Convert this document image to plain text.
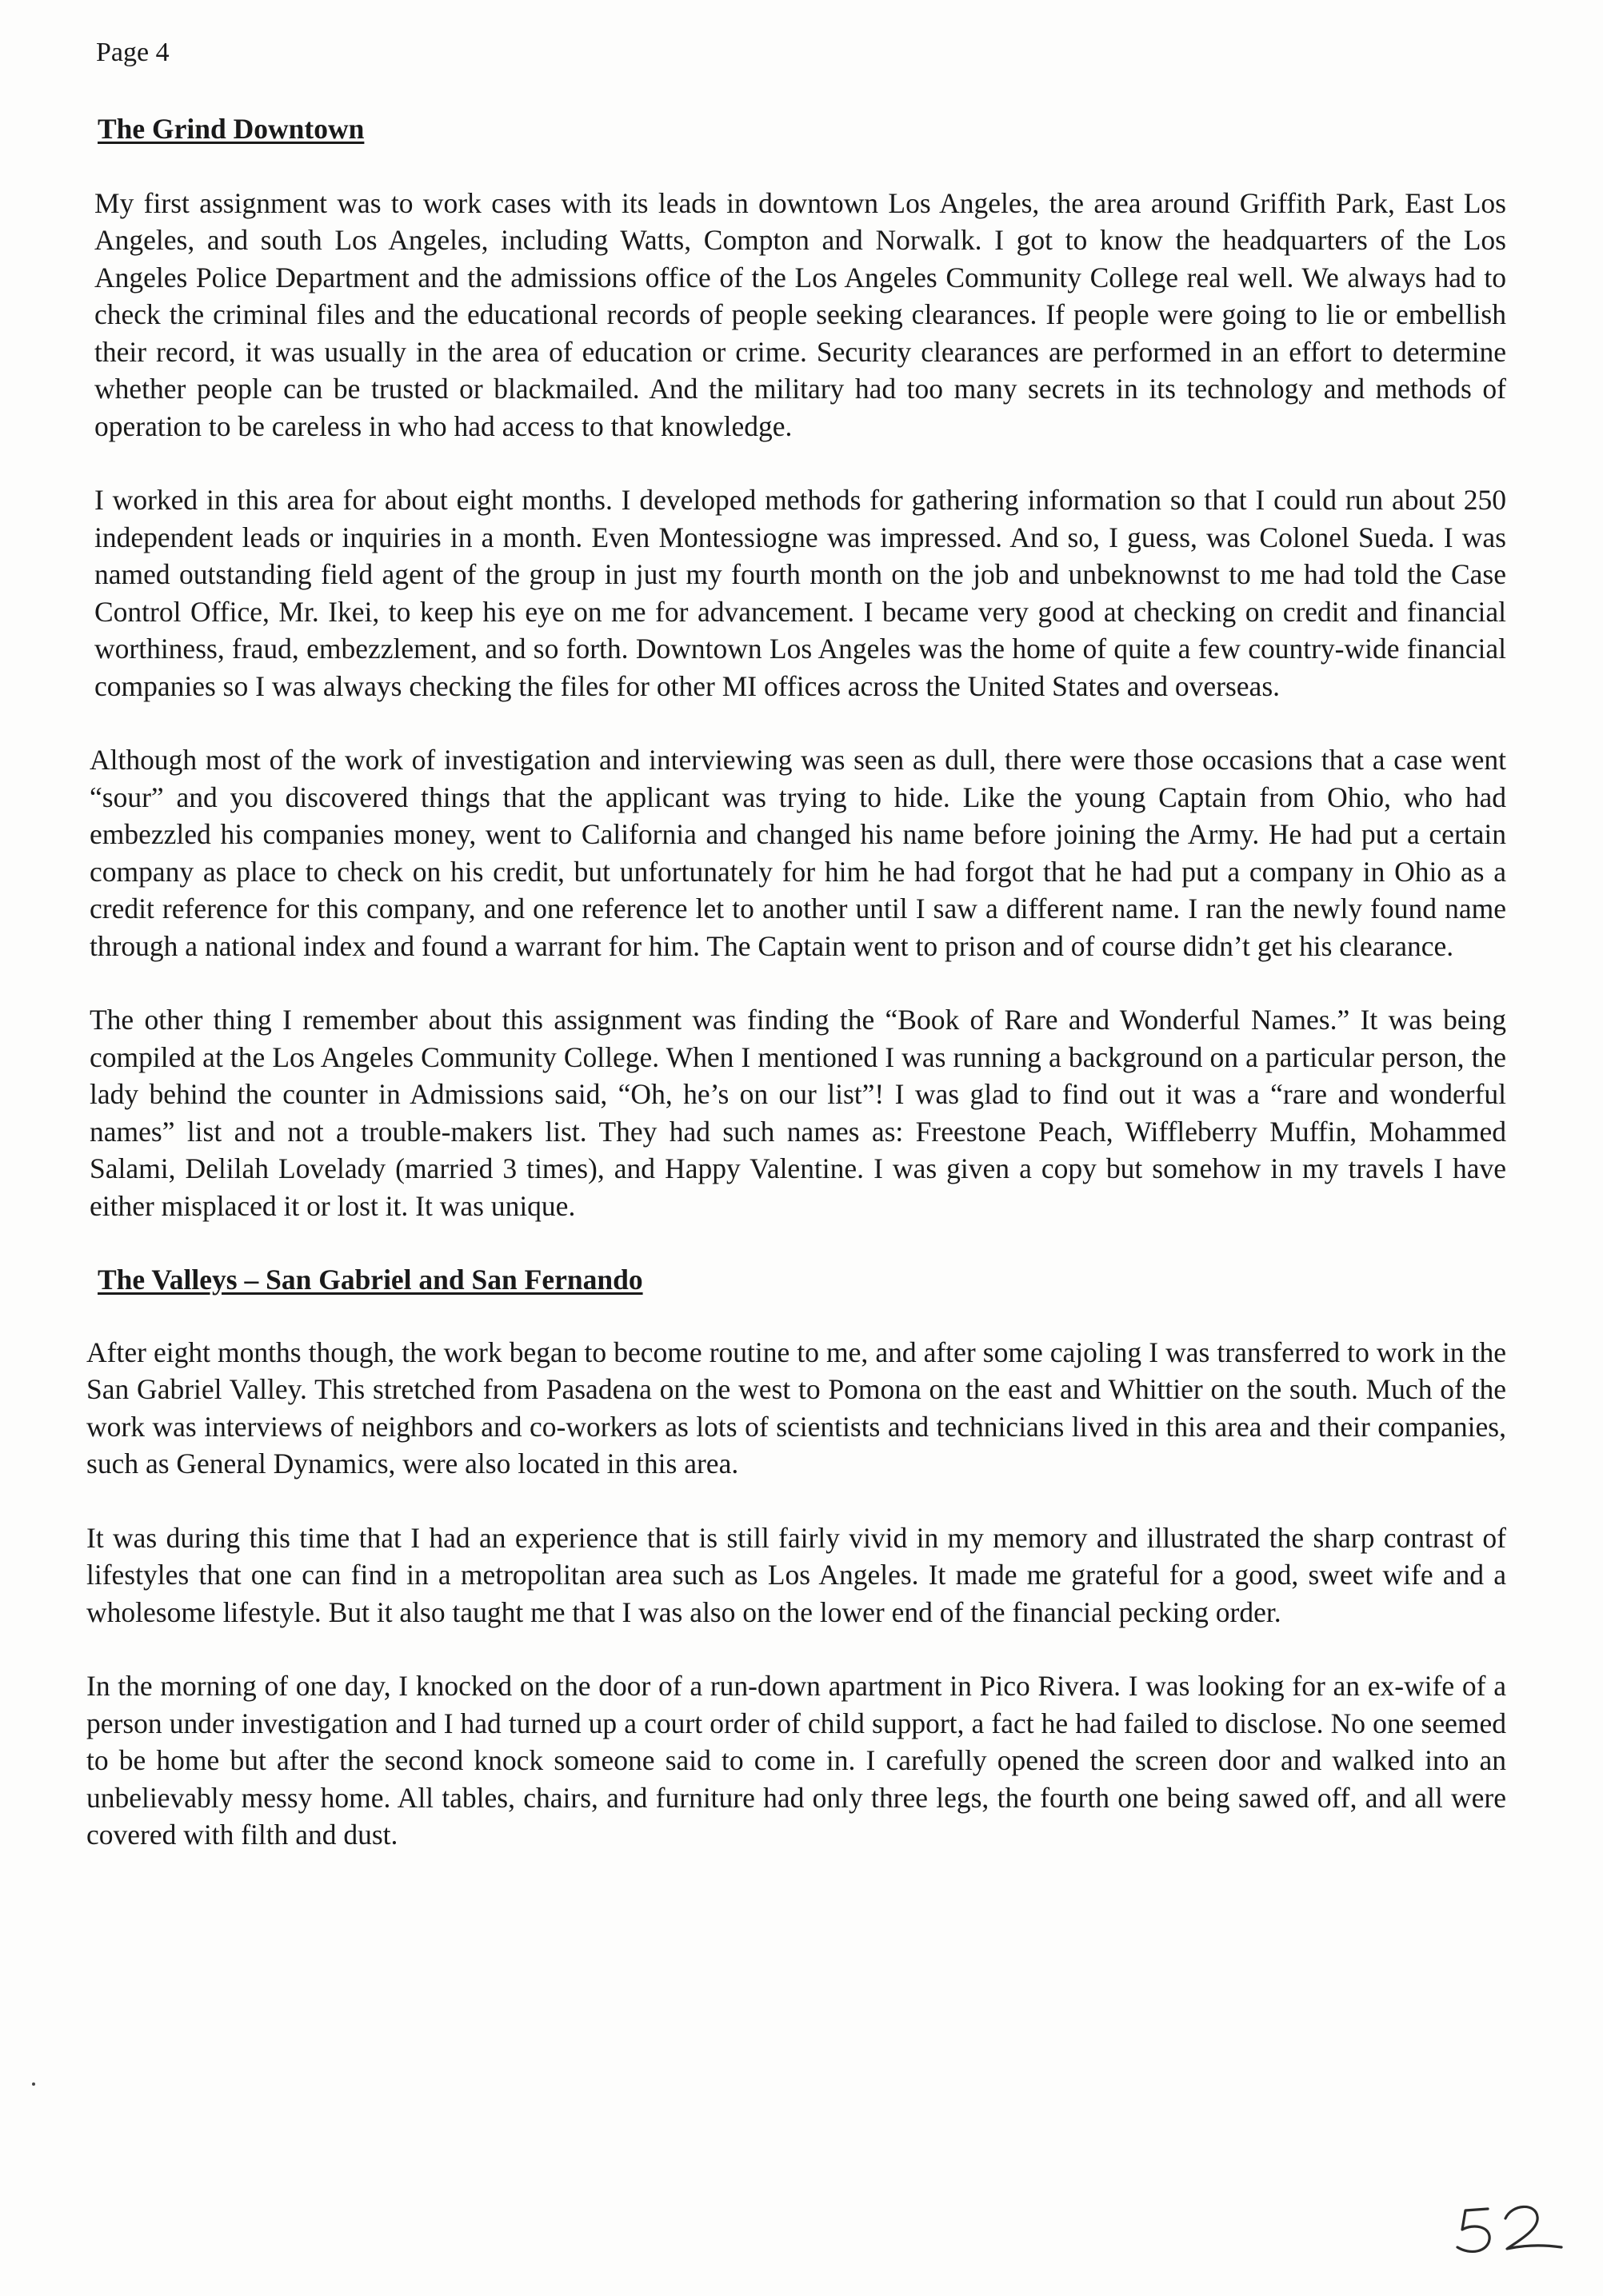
Page 4
The Grind Downtown

My first assignment was to work cases with its leads in downtown Los Angeles, the area around Griffith Park, East Los Angeles, and south Los Angeles, including Watts, Compton and Norwalk. I got to know the headquarters of the Los Angeles Police Department and the admissions office of the Los Angeles Community College real well. We always had to check the criminal files and the educational records of people seeking clearances. If people were going to lie or embellish their record, it was usually in the area of education or crime. Security clearances are performed in an effort to determine whether people can be trusted or blackmailed. And the military had too many secrets in its technology and methods of operation to be careless in who had access to that knowledge.

I worked in this area for about eight months. I developed methods for gathering information so that I could run about 250 independent leads or inquiries in a month. Even Montessiogne was impressed. And so, I guess, was Colonel Sueda. I was named outstanding field agent of the group in just my fourth month on the job and unbeknownst to me had told the Case Control Office, Mr. Ikei, to keep his eye on me for advancement. I became very good at checking on credit and financial worthiness, fraud, embezzlement, and so forth. Downtown Los Angeles was the home of quite a few country-wide financial companies so I was always checking the files for other MI offices across the United States and overseas.

Although most of the work of investigation and interviewing was seen as dull, there were those occasions that a case went “sour” and you discovered things that the applicant was trying to hide. Like the young Captain from Ohio, who had embezzled his companies money, went to California and changed his name before joining the Army. He had put a certain company as place to check on his credit, but unfortunately for him he had forgot that he had put a company in Ohio as a credit reference for this company, and one reference let to another until I saw a different name. I ran the newly found name through a national index and found a warrant for him. The Captain went to prison and of course didn’t get his clearance.

The other thing I remember about this assignment was finding the “Book of Rare and Wonderful Names.” It was being compiled at the Los Angeles Community College. When I mentioned I was running a background on a particular person, the lady behind the counter in Admissions said, “Oh, he’s on our list”! I was glad to find out it was a “rare and wonderful names” list and not a trouble-makers list. They had such names as: Freestone Peach, Wiffleberry Muffin, Mohammed Salami, Delilah Lovelady (married 3 times), and Happy Valentine. I was given a copy but somehow in my travels I have either misplaced it or lost it. It was unique.

The Valleys – San Gabriel and San Fernando

After eight months though, the work began to become routine to me, and after some cajoling I was transferred to work in the San Gabriel Valley. This stretched from Pasadena on the west to Pomona on the east and Whittier on the south. Much of the work was interviews of neighbors and co-workers as lots of scientists and technicians lived in this area and their companies, such as General Dynamics, were also located in this area.

It was during this time that I had an experience that is still fairly vivid in my memory and illustrated the sharp contrast of lifestyles that one can find in a metropolitan area such as Los Angeles. It made me grateful for a good, sweet wife and a wholesome lifestyle. But it also taught me that I was also on the lower end of the financial pecking order.

In the morning of one day, I knocked on the door of a run-down apartment in Pico Rivera. I was looking for an ex-wife of a person under investigation and I had turned up a court order of child support, a fact he had failed to disclose. No one seemed to be home but after the second knock someone said to come in. I carefully opened the screen door and walked into an unbelievably messy home. All tables, chairs, and furniture had only three legs, the fourth one being sawed off, and all were covered with filth and dust.
